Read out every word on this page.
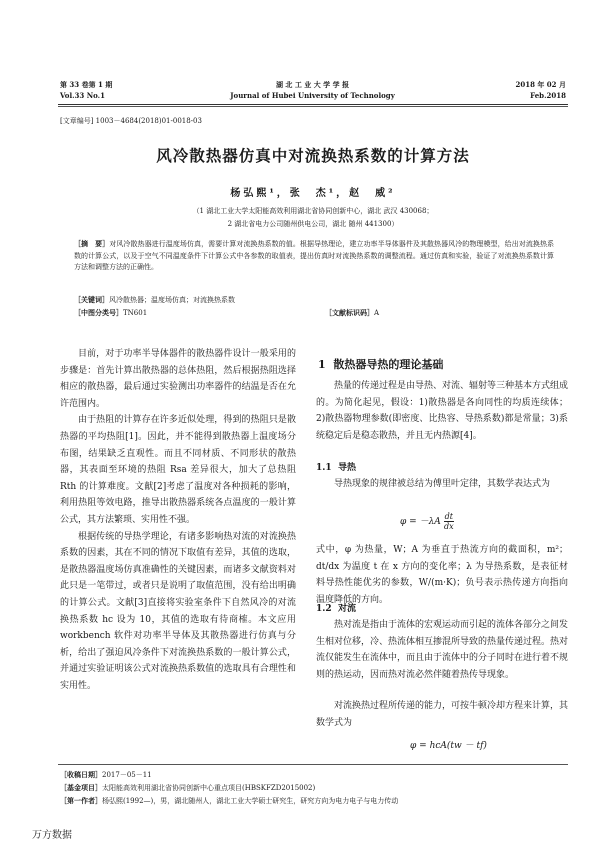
第 33 卷第 1 期
Vol.33 No.1
湖 北 工 业 大 学 学 报
Journal of Hubei University of Technology
2018 年 02 月
Feb.2018
[文章编号] 1003－4684(2018)01-0018-03
风冷散热器仿真中对流换热系数的计算方法
杨弘熙¹，张　杰¹，赵　威²
（1 湖北工业大学太阳能高效利用湖北省协同创新中心，湖北 武汉 430068；
2 湖北省电力公司随州供电公司，湖北 随州 441300）
［摘　要］对风冷散热器进行温度场仿真，需要计算对流换热系数的值。根据导热理论，建立功率半导体器件及其散热器风冷的物理模型，给出对流换热系数的计算公式，以及于空气不同温度条件下计算公式中各参数的取值表，提出仿真时对流换热系数的调整流程。通过仿真和实验，验证了对流换热系数计算方法和调整方法的正确性。
［关键词］风冷散热器；温度场仿真；对流换热系数
［中图分类号］TN601	［文献标识码］A
目前，对于功率半导体器件的散热器件设计一般采用的步骤是：首先计算出散热器的总体热阻，然后根据热阻选择相应的散热器，最后通过实验测出功率器件的结温是否在允许范围内。
由于热阻的计算存在许多近似处理，得到的热阻只是散热器的平均热阻[1]。因此，并不能得到散热器上温度场分布图，结果缺乏直观性。而且不同材质、不同形状的散热器，其表面至环境的热阻 Rsa 差异很大，加大了总热阻 Rth 的计算难度。文献[2]考虑了温度对各种损耗的影响，利用热阻等效电路，推导出散热器系统各点温度的一般计算公式，其方法繁琐、实用性不强。
根据传统的导热学理论，有诸多影响热对流的对流换热系数的因素，其在不同的情况下取值有差异，其值的选取，是散热器温度场仿真准确性的关键因素，而诸多文献资料对此只是一笔带过，或者只是说明了取值范围，没有给出明确的计算公式。文献[3]直接将实验室条件下自然风冷的对流换热系数 hc 设为 10，其值的选取有待商榷。本文应用 workbench 软件对功率半导体及其散热器进行仿真与分析，给出了强迫风冷条件下对流换热系数的一般计算公式，并通过实验证明该公式对流换热系数值的选取具有合理性和实用性。
1 散热器导热的理论基础
热量的传递过程是由导热、对流、辐射等三种基本方式组成的。为简化起见，假设：1)散热器是各向同性的均质连续体；2)散热器物理参数(即密度、比热容、导热系数)都是常量；3)系统稳定后是稳态散热，并且无内热源[4]。
1.1 导热
导热现象的规律被总结为傅里叶定律，其数学表达式为
$\varphi = -\lambda A \frac{dt}{dx}$
式中，φ 为热量，W；A 为垂直于热流方向的截面积，m²；dt/dx 为温度 t 在 x 方向的变化率；λ 为导热系数，是表征材料导热性能优劣的参数，W/(m·K)；负号表示热传递方向指向温度降低的方向。
1.2 对流
热对流是指由于流体的宏观运动而引起的流体各部分之间发生相对位移，冷、热流体相互掺混所导致的热量传递过程。热对流仅能发生在流体中，而且由于流体中的分子同时在进行着不规则的热运动，因而热对流必然伴随着热传导现象。
对流换热过程所传递的能力，可按牛顿冷却方程来计算，其数学式为
φ = hcA(tw － tf)
［收稿日期］2017－05－11
［基金项目］太阳能高效利用湖北省协同创新中心重点项目(HBSKFZD2015002)
［第一作者］杨弘熙(1992—)，男，湖北随州人，湖北工业大学硕士研究生，研究方向为电力电子与电力传动
万方数据
